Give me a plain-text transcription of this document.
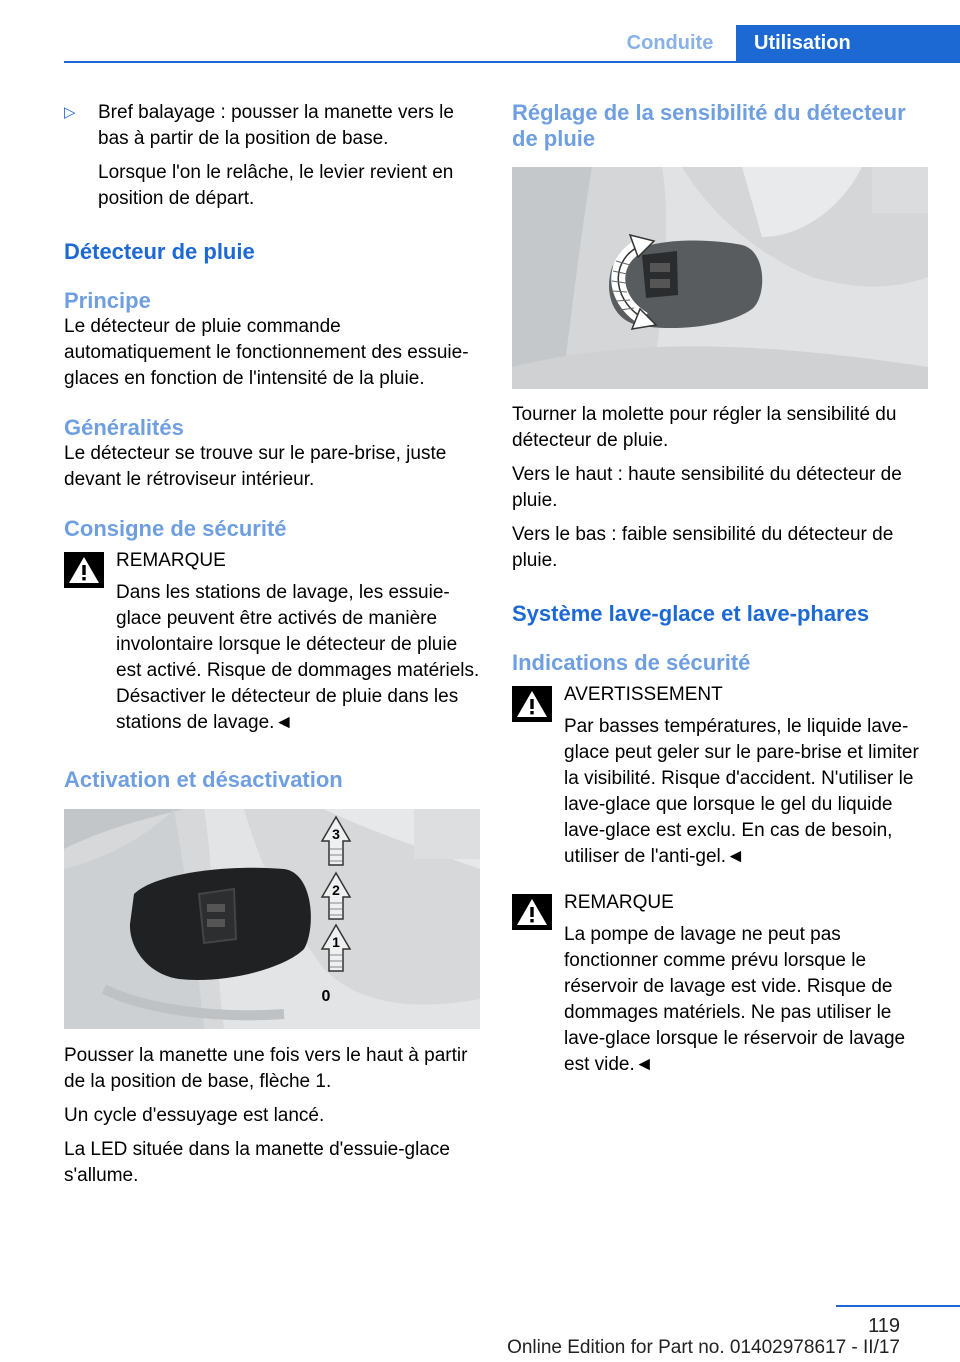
Conduite	Utilisation
▷	Bref balayage : pousser la manette vers le bas à partir de la position de base.

Lorsque l'on le relâche, le levier revient en position de départ.

Détecteur de pluie
Principe

Le détecteur de pluie commande automatiquement le fonctionnement des essuie-glaces en fonction de l'intensité de la pluie.

Généralités

Le détecteur se trouve sur le pare-brise, juste devant le rétroviseur intérieur.

Consigne de sécurité

REMARQUE

Dans les stations de lavage, les essuie-glace peuvent être activés de manière involontaire lorsque le détecteur de pluie est activé. Risque de dommages matériels. Désactiver le détecteur de pluie dans les stations de lavage.◄

Activation et désactivation
3
2
1
0

Pousser la manette une fois vers le haut à partir de la position de base, flèche 1.

Un cycle d'essuyage est lancé.

La LED située dans la manette d'essuie-glace s'allume.

Réglage de la sensibilité du détecteur de pluie

Tourner la molette pour régler la sensibilité du détecteur de pluie.

Vers le haut : haute sensibilité du détecteur de pluie.

Vers le bas : faible sensibilité du détecteur de pluie.

Système lave-glace et lave-phares
Indications de sécurité

AVERTISSEMENT

Par basses températures, le liquide lave-glace peut geler sur le pare-brise et limiter la visibilité. Risque d'accident. N'utiliser le lave-glace que lorsque le gel du liquide lave-glace est exclu. En cas de besoin, utiliser de l'anti-gel.◄

REMARQUE

La pompe de lavage ne peut pas fonctionner comme prévu lorsque le réservoir de lavage est vide. Risque de dommages matériels. Ne pas utiliser le lave-glace lorsque le réservoir de lavage est vide.◄

119
Online Edition for Part no. 01402978617 - II/17
